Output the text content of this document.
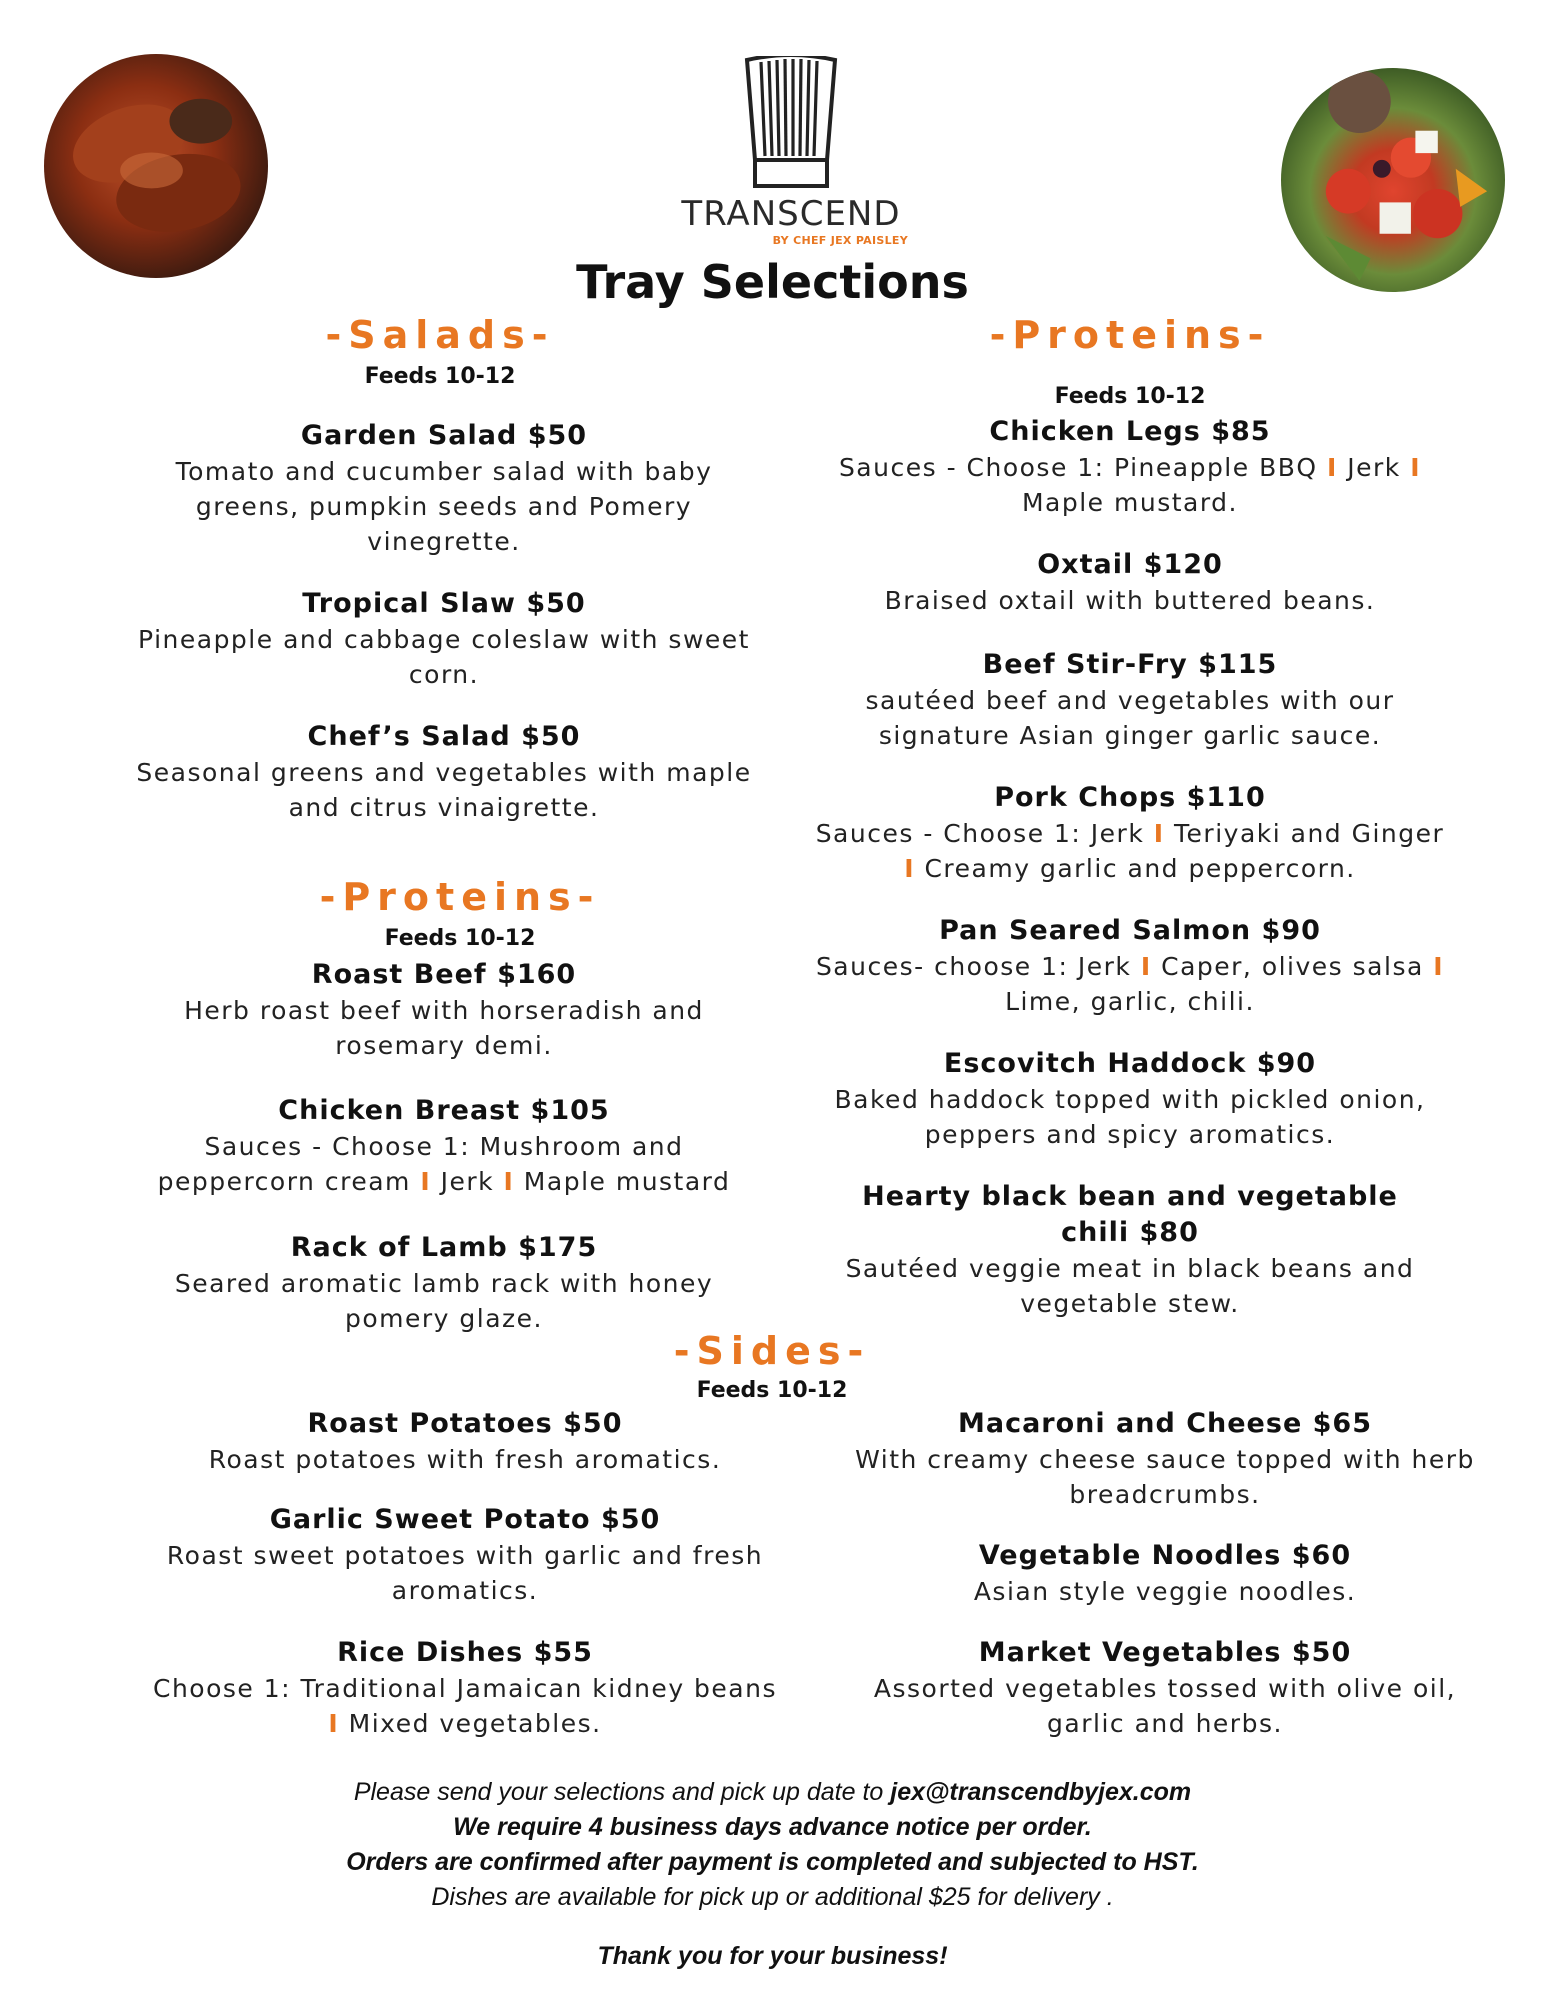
TRANSCEND
BY CHEF JEX PAISLEY
Tray Selections
-Salads-
Feeds 10-12
Garden Salad $50
Tomato and cucumber salad with baby greens, pumpkin seeds and Pomery vinegrette.
Tropical Slaw $50
Pineapple and cabbage coleslaw with sweet corn.
Chef’s Salad $50
Seasonal greens and vegetables with maple and citrus vinaigrette.
-Proteins-
Feeds 10-12
Roast Beef $160
Herb roast beef with horseradish and rosemary demi.
Chicken Breast $105
Sauces - Choose 1: Mushroom and peppercorn cream I Jerk I Maple mustard
Rack of Lamb $175
Seared aromatic lamb rack with honey pomery glaze.
-Proteins-
Feeds 10-12
Chicken Legs $85
Sauces - Choose 1: Pineapple BBQ I Jerk I Maple mustard.
Oxtail $120
Braised oxtail with buttered beans.
Beef Stir-Fry $115
sautéed beef and vegetables with our signature Asian ginger garlic sauce.
Pork Chops $110
Sauces - Choose 1: Jerk I Teriyaki and Ginger I Creamy garlic and peppercorn.
Pan Seared Salmon $90
Sauces- choose 1: Jerk I Caper, olives salsa I Lime, garlic, chili.
Escovitch Haddock $90
Baked haddock topped with pickled onion, peppers and spicy aromatics.
Hearty black bean and vegetable chili $80
Sautéed veggie meat in black beans and vegetable stew.
-Sides-
Feeds 10-12
Roast Potatoes $50
Roast potatoes with fresh aromatics.
Garlic Sweet Potato $50
Roast sweet potatoes with garlic and fresh aromatics.
Rice Dishes $55
Choose 1: Traditional Jamaican kidney beans I Mixed vegetables.
Macaroni and Cheese $65
With creamy cheese sauce topped with herb breadcrumbs.
Vegetable Noodles $60
Asian style veggie noodles.
Market Vegetables $50
Assorted vegetables tossed with olive oil, garlic and herbs.
Please send your selections and pick up date to jex@transcendbyjex.com
We require 4 business days advance notice per order.
Orders are confirmed after payment is completed and subjected to HST.
Dishes are available for pick up or additional $25 for delivery .
Thank you for your business!
